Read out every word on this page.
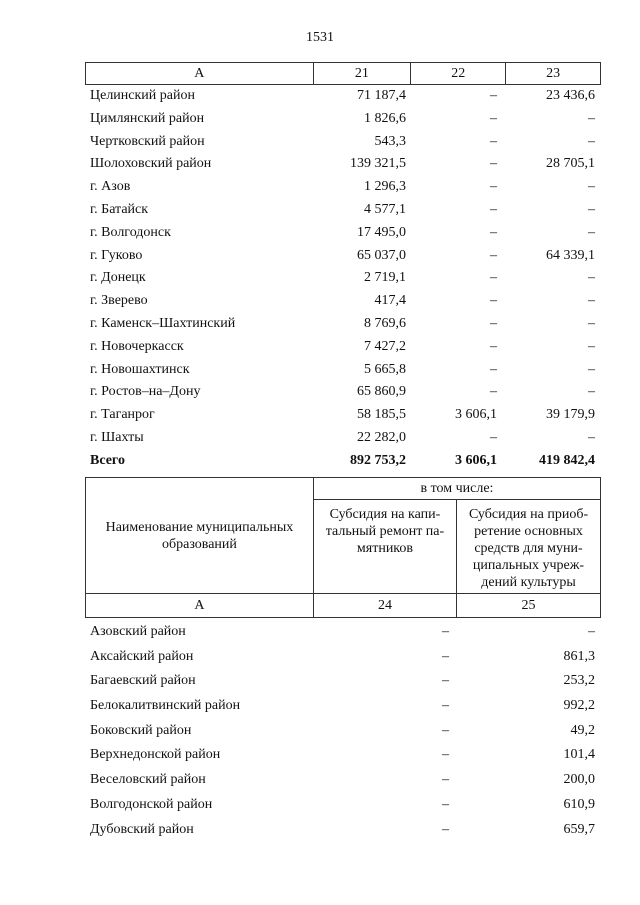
1531
А	21	22	23
Целинский район	71 187,4	–	23 436,6
Цимлянский район	1 826,6	–	–
Чертковский район	543,3	–	–
Шолоховский район	139 321,5	–	28 705,1
г. Азов	1 296,3	–	–
г. Батайск	4 577,1	–	–
г. Волгодонск	17 495,0	–	–
г. Гуково	65 037,0	–	64 339,1
г. Донецк	2 719,1	–	–
г. Зверево	417,4	–	–
г. Каменск–Шахтинский	8 769,6	–	–
г. Новочеркасск	7 427,2	–	–
г. Новошахтинск	5 665,8	–	–
г. Ростов–на–Дону	65 860,9	–	–
г. Таганрог	58 185,5	3 606,1	39 179,9
г. Шахты	22 282,0	–	–
Всего	892 753,2	3 606,1	419 842,4
Наименование муниципальных образований	в том числе:	
	Субсидия на капи-тальный ремонт па-мятников	Субсидия на приоб-ретение основных средств для муни-ципальных учреж-дений культуры
А	24	25
Азовский район	–	–
Аксайский район	–	861,3
Багаевский район	–	253,2
Белокалитвинский район	–	992,2
Боковский район	–	49,2
Верхнедонской район	–	101,4
Веселовский район	–	200,0
Волгодонской район	–	610,9
Дубовский район	–	659,7
